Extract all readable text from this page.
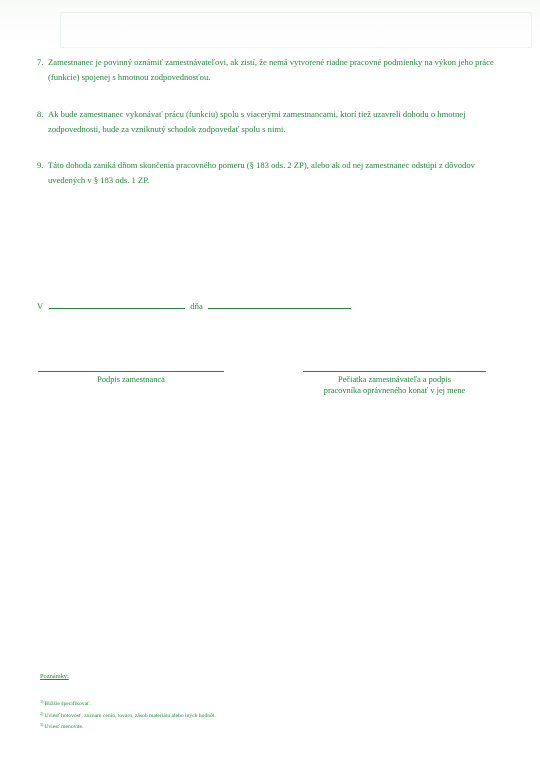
7. Zamestnanec je povinný oznámiť zamestnávateľovi, ak zistí, že nemá vytvorené riadne pracovné podmienky na výkon jeho práce (funkcie) spojenej s hmotnou zodpovednosťou.
8. Ak bude zamestnanec vykonávať prácu (funkciu) spolu s viacerými zamestnancami, ktorí tiež uzavreli dohodu o hmotnej zodpovednosti, bude za vzniknutý schodok zodpovedať spolu s nimi.
9. Táto dohoda zaniká dňom skončenia pracovného pomeru (§ 183 ods. 2 ZP), alebo ak od nej zamestnanec odstúpi z dôvodov uvedených v § 183 ods. 1 ZP.
V	dňa
Podpis zamestnanca	Pečiatka zamestnávateľa a podpis
pracovníka oprávneného konať v jej mene
Poznámky:
$^{1)}$Bližšie špecifikovať.
$^{2)}$Uviesť hotovosť, zoznam cenín, tovaru, zásob materiálu alebo iných hodnôt.
$^{3)}$Uviesť menovite.
